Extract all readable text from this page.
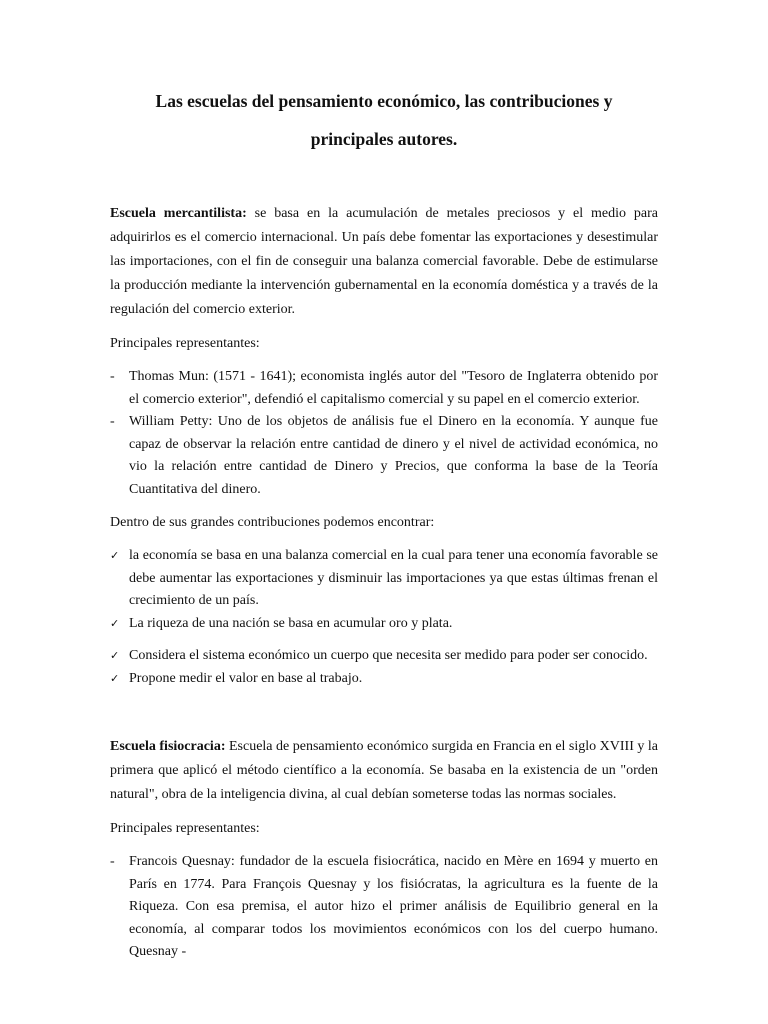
Las escuelas del pensamiento económico, las contribuciones y principales autores.

Escuela mercantilista: se basa en la acumulación de metales preciosos y el medio para adquirirlos es el comercio internacional. Un país debe fomentar las exportaciones y desestimular las importaciones, con el fin de conseguir una balanza comercial favorable. Debe de estimularse la producción mediante la intervención gubernamental en la economía doméstica y a través de la regulación del comercio exterior.

Principales representantes:

- Thomas Mun: (1571 - 1641); economista inglés autor del "Tesoro de Inglaterra obtenido por el comercio exterior", defendió el capitalismo comercial y su papel en el comercio exterior.
- William Petty: Uno de los objetos de análisis fue el Dinero en la economía. Y aunque fue capaz de observar la relación entre cantidad de dinero y el nivel de actividad económica, no vio la relación entre cantidad de Dinero y Precios, que conforma la base de la Teoría Cuantitativa del dinero.

Dentro de sus grandes contribuciones podemos encontrar:

✓ la economía se basa en una balanza comercial en la cual para tener una economía favorable se debe aumentar las exportaciones y disminuir las importaciones ya que estas últimas frenan el crecimiento de un país.
✓ La riqueza de una nación se basa en acumular oro y plata.
✓ Considera el sistema económico un cuerpo que necesita ser medido para poder ser conocido.
✓ Propone medir el valor en base al trabajo.

Escuela fisiocracia: Escuela de pensamiento económico surgida en Francia en el siglo XVIII y la primera que aplicó el método científico a la economía. Se basaba en la existencia de un "orden natural", obra de la inteligencia divina, al cual debían someterse todas las normas sociales.

Principales representantes:

- Francois Quesnay: fundador de la escuela fisiocrática, nacido en Mère en 1694 y muerto en París en 1774. Para François Quesnay y los fisiócratas, la agricultura es la fuente de la Riqueza. Con esa premisa, el autor hizo el primer análisis de Equilibrio general en la economía, al comparar todos los movimientos económicos con los del cuerpo humano. Quesnay -
